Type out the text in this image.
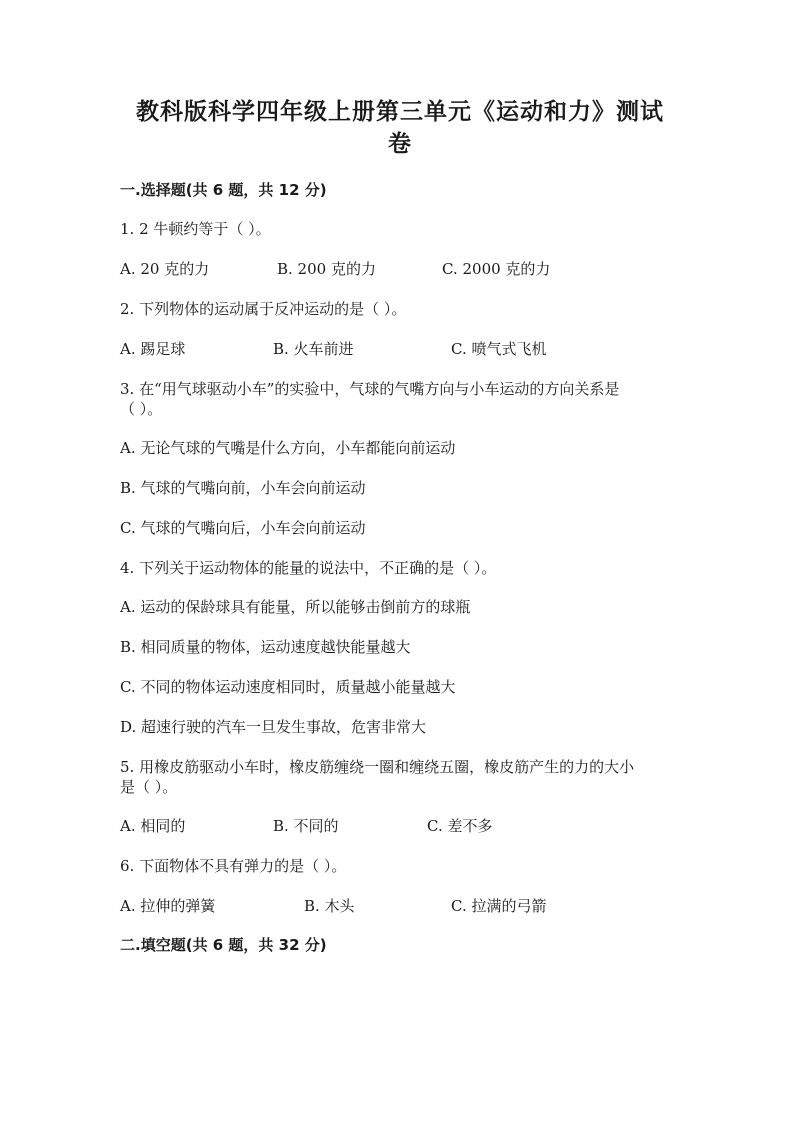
教科版科学四年级上册第三单元《运动和力》测试
卷
一.选择题(共 6 题，共 12 分)
1. 2 牛顿约等于（ ）。
A. 20 克的力	B. 200 克的力	C. 2000 克的力
2. 下列物体的运动属于反冲运动的是（ ）。
A. 踢足球	B. 火车前进	C. 喷气式飞机
3. 在“用气球驱动小车”的实验中，气球的气嘴方向与小车运动的方向关系是
（ ）。
A. 无论气球的气嘴是什么方向，小车都能向前运动
B. 气球的气嘴向前，小车会向前运动
C. 气球的气嘴向后，小车会向前运动
4. 下列关于运动物体的能量的说法中，不正确的是（ ）。
A. 运动的保龄球具有能量，所以能够击倒前方的球瓶
B. 相同质量的物体，运动速度越快能量越大
C. 不同的物体运动速度相同时，质量越小能量越大
D. 超速行驶的汽车一旦发生事故，危害非常大
5. 用橡皮筋驱动小车时，橡皮筋缠绕一圈和缠绕五圈，橡皮筋产生的力的大小
是（ ）。
A. 相同的	B. 不同的	C. 差不多
6. 下面物体不具有弹力的是（ ）。
A. 拉伸的弹簧	B. 木头	C. 拉满的弓箭
二.填空题(共 6 题，共 32 分)
